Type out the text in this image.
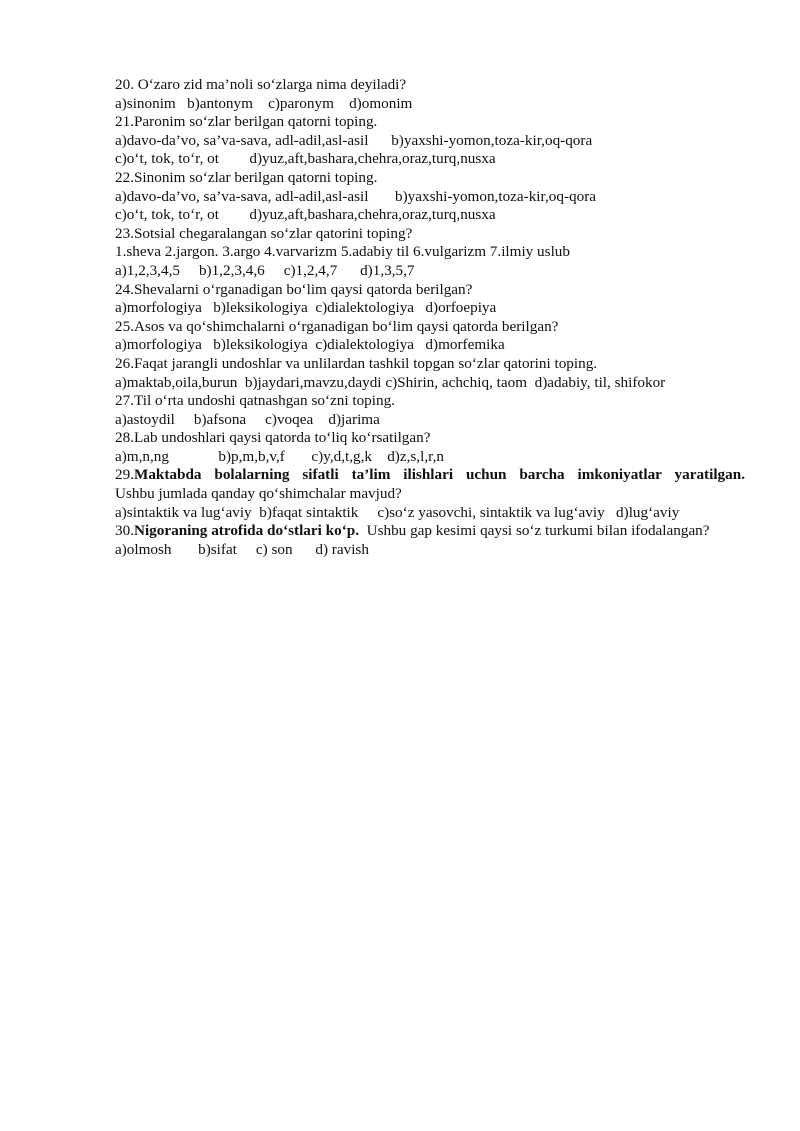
20. O‘zaro zid ma’noli so‘zlarga nima deyiladi?
a)sinonim   b)antonym    c)paronym    d)omonim
21.Paronim so‘zlar berilgan qatorni toping.
a)davo-da’vo, sa’va-sava, adl-adil,asl-asil      b)yaxshi-yomon,toza-kir,oq-qora
c)o‘t, tok, to‘r, ot        d)yuz,aft,bashara,chehra,oraz,turq,nusxa
22.Sinonim so‘zlar berilgan qatorni toping.
a)davo-da’vo, sa’va-sava, adl-adil,asl-asil       b)yaxshi-yomon,toza-kir,oq-qora
c)o‘t, tok, to‘r, ot        d)yuz,aft,bashara,chehra,oraz,turq,nusxa
23.Sotsial chegaralangan so‘zlar qatorini toping?
1.sheva 2.jargon. 3.argo 4.varvarizm 5.adabiy til 6.vulgarizm 7.ilmiy uslub
a)1,2,3,4,5     b)1,2,3,4,6     c)1,2,4,7      d)1,3,5,7
24.Shevalarni o‘rganadigan bo‘lim qaysi qatorda berilgan?
a)morfologiya   b)leksikologiya  c)dialektologiya   d)orfoepiya
25.Asos va qo‘shimchalarni o‘rganadigan bo‘lim qaysi qatorda berilgan?
a)morfologiya   b)leksikologiya  c)dialektologiya   d)morfemika
26.Faqat jarangli undoshlar va unlilardan tashkil topgan so‘zlar qatorini toping.
a)maktab,oila,burun  b)jaydari,mavzu,daydi c)Shirin, achchiq, taom  d)adabiy, til, shifokor
27.Til o‘rta undoshi qatnashgan so‘zni toping.
a)astoydil     b)afsona     c)voqea    d)jarima
28.Lab undoshlari qaysi qatorda to‘liq ko‘rsatilgan?
a)m,n,ng             b)p,m,b,v,f       c)y,d,t,g,k    d)z,s,l,r,n
29.Maktabda bolalarning sifatli ta’lim ilishlari uchun barcha imkoniyatlar yaratilgan.
Ushbu jumlada qanday qo‘shimchalar mavjud?
a)sintaktik va lug‘aviy  b)faqat sintaktik     c)so‘z yasovchi, sintaktik va lug‘aviy   d)lug‘aviy
30.Nigoraning atrofida do‘stlari ko‘p.  Ushbu gap kesimi qaysi so‘z turkumi bilan ifodalangan?
a)olmosh       b)sifat     c) son      d) ravish
